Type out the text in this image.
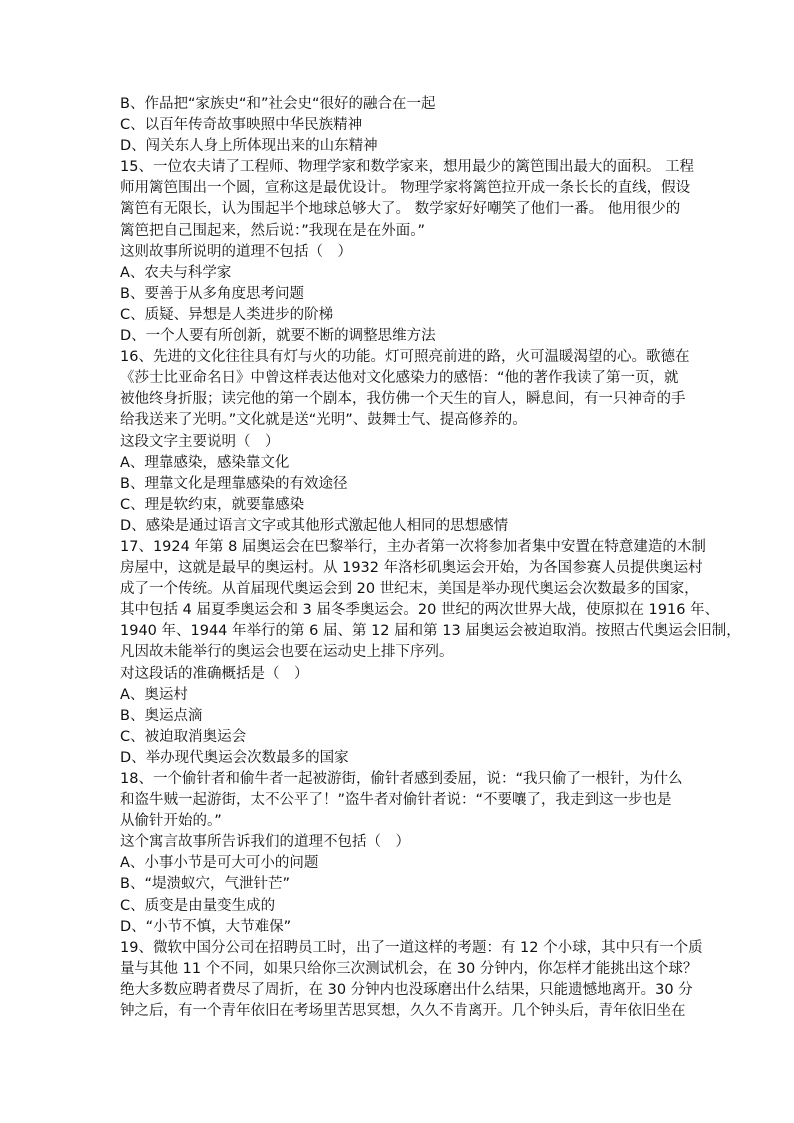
B、作品把“家族史“和”社会史“很好的融合在一起
C、以百年传奇故事映照中华民族精神
D、闯关东人身上所体现出来的山东精神
15、一位农夫请了工程师、物理学家和数学家来，想用最少的篱笆围出最大的面积。 工程
师用篱笆围出一个圆，宣称这是最优设计。 物理学家将篱笆拉开成一条长长的直线，假设
篱笆有无限长，认为围起半个地球总够大了。 数学家好好嘲笑了他们一番。 他用很少的
篱笆把自己围起来，然后说：”我现在是在外面。”
这则故事所说明的道理不包括（　）
A、农夫与科学家
B、要善于从多角度思考问题
C、质疑、异想是人类进步的阶梯
D、一个人要有所创新，就要不断的调整思维方法
16、先进的文化往往具有灯与火的功能。灯可照亮前进的路，火可温暖渴望的心。歌德在
《莎士比亚命名日》中曾这样表达他对文化感染力的感悟：“他的著作我读了第一页，就
被他终身折服；读完他的第一个剧本，我仿佛一个天生的盲人，瞬息间，有一只神奇的手
给我送来了光明。”文化就是送“光明”、鼓舞士气、提高修养的。
这段文字主要说明（　）
A、理靠感染，感染靠文化
B、理靠文化是理靠感染的有效途径
C、理是软约束，就要靠感染
D、感染是通过语言文字或其他形式激起他人相同的思想感情
17、1924 年第 8 届奥运会在巴黎举行，主办者第一次将参加者集中安置在特意建造的木制
房屋中，这就是最早的奥运村。从 1932 年洛杉矶奥运会开始，为各国参赛人员提供奥运村
成了一个传统。从首届现代奥运会到 20 世纪末，美国是举办现代奥运会次数最多的国家，
其中包括 4 届夏季奥运会和 3 届冬季奥运会。20 世纪的两次世界大战，使原拟在 1916 年、
1940 年、1944 年举行的第 6 届、第 12 届和第 13 届奥运会被迫取消。按照古代奥运会旧制，
凡因故未能举行的奥运会也要在运动史上排下序列。
对这段话的准确概括是（　）
A、奥运村
B、奥运点滴
C、被迫取消奥运会
D、举办现代奥运会次数最多的国家
18、一个偷针者和偷牛者一起被游街，偷针者感到委屈，说：“我只偷了一根针，为什么
和盗牛贼一起游街，太不公平了！”盗牛者对偷针者说：“不要嚷了，我走到这一步也是
从偷针开始的。”
这个寓言故事所告诉我们的道理不包括（　）
A、小事小节是可大可小的问题
B、“堤溃蚁穴，气泄针芒”
C、质变是由量变生成的
D、“小节不慎，大节难保”
19、微软中国分公司在招聘员工时，出了一道这样的考题：有 12 个小球，其中只有一个质
量与其他 11 个不同，如果只给你三次测试机会，在 30 分钟内，你怎样才能挑出这个球？
绝大多数应聘者费尽了周折，在 30 分钟内也没琢磨出什么结果，只能遗憾地离开。30 分
钟之后，有一个青年依旧在考场里苦思冥想，久久不肯离开。几个钟头后，青年依旧坐在
